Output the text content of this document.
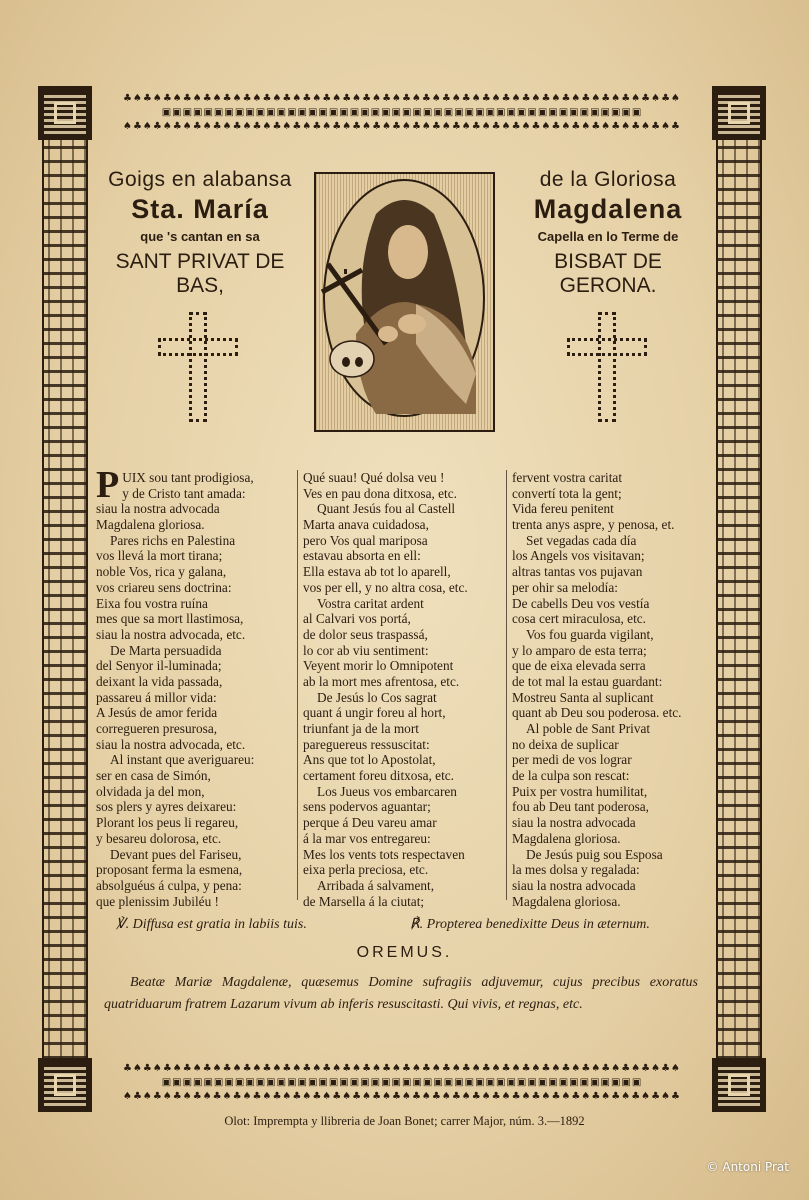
♣♠♣♠♣♠♣♠♣♠♣♠♣♠♣♠♣♠♣♠♣♠♣♠♣♠♣♠♣♠♣♠♣♠♣♠♣♠♣♠♣♠♣♠♣♠♣♠♣♠♣♠♣♠♣♠
▣▣▣▣▣▣▣▣▣▣▣▣▣▣▣▣▣▣▣▣▣▣▣▣▣▣▣▣▣▣▣▣▣▣▣▣▣▣▣▣▣▣▣▣▣▣
♠♣♠♣♠♣♠♣♠♣♠♣♠♣♠♣♠♣♠♣♠♣♠♣♠♣♠♣♠♣♠♣♠♣♠♣♠♣♠♣♠♣♠♣♠♣♠♣♠♣♠♣♠♣♠♣
♣♠♣♠♣♠♣♠♣♠♣♠♣♠♣♠♣♠♣♠♣♠♣♠♣♠♣♠♣♠♣♠♣♠♣♠♣♠♣♠♣♠♣♠♣♠♣♠♣♠♣♠♣♠♣♠
▣▣▣▣▣▣▣▣▣▣▣▣▣▣▣▣▣▣▣▣▣▣▣▣▣▣▣▣▣▣▣▣▣▣▣▣▣▣▣▣▣▣▣▣▣▣
♠♣♠♣♠♣♠♣♠♣♠♣♠♣♠♣♠♣♠♣♠♣♠♣♠♣♠♣♠♣♠♣♠♣♠♣♠♣♠♣♠♣♠♣♠♣♠♣♠♣♠♣♠♣♠♣
Goigs en alabansa
Sta. María
que 's cantan en sa
SANT PRIVAT DE BAS,
de la Gloriosa
Magdalena
Capella en lo Terme de
BISBAT DE GERONA.
PUIX sou tant prodigiosa,
y de Cristo tant amada:
siau la nostra advocada
Magdalena gloriosa.
Pares richs en Palestina
vos llevá la mort tirana;
noble Vos, rica y galana,
vos criareu sens doctrina:
Eixa fou vostra ruína
mes que sa mort llastimosa,
siau la nostra advocada, etc.
De Marta persuadida
del Senyor il-luminada;
deixant la vida passada,
passareu á millor vida:
A Jesús de amor ferida
corregueren presurosa,
siau la nostra advocada, etc.
Al instant que averiguareu:
ser en casa de Simón,
olvidada ja del mon,
sos plers y ayres deixareu:
Plorant los peus li regareu,
y besareu dolorosa, etc.
Devant pues del Fariseu,
proposant ferma la esmena,
absolguéus á culpa, y pena:
que plenissim Jubiléu !
Qué suau! Qué dolsa veu !
Ves en pau dona ditxosa, etc.
Quant Jesús fou al Castell
Marta anava cuidadosa,
pero Vos qual mariposa
estavau absorta en ell:
Ella estava ab tot lo aparell,
vos per ell, y no altra cosa, etc.
Vostra caritat ardent
al Calvari vos portá,
de dolor seus traspassá,
lo cor ab viu sentiment:
Veyent morir lo Omnipotent
ab la mort mes afrentosa, etc.
De Jesús lo Cos sagrat
quant á ungir foreu al hort,
triunfant ja de la mort
pareguereus ressuscitat:
Ans que tot lo Apostolat,
certament foreu ditxosa, etc.
Los Jueus vos embarcaren
sens podervos aguantar;
perque á Deu vareu amar
á la mar vos entregareu:
Mes los vents tots respectaven
eixa perla preciosa, etc.
Arribada á salvament,
de Marsella á la ciutat;
fervent vostra caritat
convertí tota la gent;
Vida fereu penitent
trenta anys aspre, y penosa, et.
Set vegadas cada día
los Angels vos visitavan;
altras tantas vos pujavan
per ohir sa melodía:
De cabells Deu vos vestía
cosa cert miraculosa, etc.
Vos fou guarda vigilant,
y lo amparo de esta terra;
que de eixa elevada serra
de tot mal la estau guardant:
Mostreu Santa al suplicant
quant ab Deu sou poderosa. etc.
Al poble de Sant Privat
no deixa de suplicar
per medi de vos lograr
de la culpa son rescat:
Puix per vostra humilitat,
fou ab Deu tant poderosa,
siau la nostra advocada
Magdalena gloriosa.
De Jesús puig sou Esposa
la mes dolsa y regalada:
siau la nostra advocada
Magdalena gloriosa.
℣. Diffusa est gratia in labiis tuis.	℟. Propterea benedixitte Deus in æternum.
OREMUS.
Beatæ Mariæ Magdalenæ, quæsemus Domine sufragiis adjuvemur, cujus precibus exoratus quatriduarum fratrem Lazarum vivum ab inferis resuscitasti. Qui vivis, et regnas, etc.
Olot: Imprempta y llibreria de Joan Bonet; carrer Major, núm. 3.—1892
© Antoni Prat
